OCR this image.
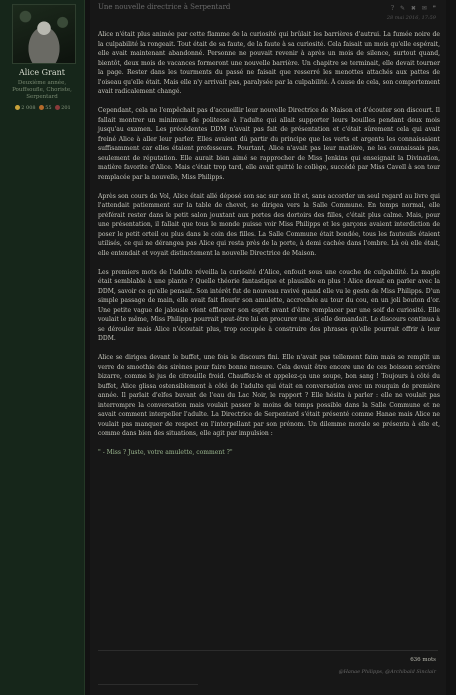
Alice Grant
Deuxième année, Pouffsoufle, Choriste, Serpentard
2 008 55 201
Une nouvelle directrice à Serpentard	? ✎ ✖ ✉ ❞
28 mai 2016, 17:59

Alice n'était plus animée par cette flamme de la curiosité qui brûlait les barrières d'autrui. La fumée noire de la culpabilité la rongeait. Tout était de sa faute, de la faute à sa curiosité. Cela faisait un mois qu'elle espérait, elle avait maintenant abandonné. Personne ne pouvait revenir à après un mois de silence, surtout quand, bientôt, deux mois de vacances formeront une nouvelle barrière. Un chapitre se terminait, elle devait tourner la page. Rester dans les tourments du passé ne faisait que resserré les menottes attachés aux pattes de l'oiseau qu'elle était. Mais elle n'y arrivait pas, paralysée par la culpabilité. À cause de cela, son comportement avait radicalement changé.

Cependant, cela ne l'empêchait pas d'accueillir leur nouvelle Directrice de Maison et d'écouter son discourt. Il fallait montrer un minimum de politesse à l'adulte qui allait supporter leurs bouilles pendant deux mois jusqu'au examen. Les précédentes DDM n'avait pas fait de présentation et c'était sûrement cela qui avait freiné Alice à aller leur parler. Elles avaient dû partir du principe que les verts et argents les connaissaient suffisamment car elles étaient professeurs. Pourtant, Alice n'avait pas leur matière, ne les connaissais pas, seulement de réputation. Elle aurait bien aimé se rapprocher de Miss Jenkins qui enseignait la Divination, matière favorite d'Alice. Mais c'était trop tard, elle avait quitté le collège, succédé par Miss Cavell à son tour remplacée par la nouvelle, Miss Philipps.

Après son cours de Vol, Alice était allé déposé son sac sur son lit et, sans accorder un seul regard au livre qui l'attendait patiemment sur la table de chevet, se dirigea vers la Salle Commune. En temps normal, elle préférait rester dans le petit salon jouxtant aux portes des dortoirs des filles, c'était plus calme. Mais, pour une présentation, il fallait que tous le monde puisse voir Miss Philipps et les garçons avaient interdiction de poser le petit orteil ou plus dans le coin des filles. La Salle Commune était bondée, tous les fauteuils étaient utilisés, ce qui ne dérangea pas Alice qui resta près de la porte, à demi cachée dans l'ombre. Là où elle était, elle entendait et voyait distinctement la nouvelle Directrice de Maison.

Les premiers mots de l'adulte réveilla la curiosité d'Alice, enfouit sous une couche de culpabilité. La magie était semblable à une plante ? Quelle théorie fantastique et plausible en plus ! Alice devait en parler avec la DDM, savoir ce qu'elle pensait. Son intérêt fut de nouveau ravivé quand elle vu le geste de Miss Philipps. D'un simple passage de main, elle avait fait fleurir son amulette, accrochée au tour du cou, en un joli bouton d'or. Une petite vague de jalousie vient effleurer son esprit avant d'être remplacer par une soif de curiosité. Elle voulait le même, Miss Philipps pourrait peut-être lui en procurer une, si elle demandait. Le discours continua à se dérouler mais Alice n'écoutait plus, trop occupée à construire des phrases qu'elle pourrait offrir à leur DDM.

Alice se dirigea devant le buffet, une fois le discours fini. Elle n'avait pas tellement faim mais se remplit un verre de smoothie des sirènes pour faire bonne mesure. Cela devait être encore une de ces boisson sorcière bizarre, comme le jus de citrouille froid. Chauffez-le et appelez-ça une soupe, bon sang ! Toujours à côté du buffet, Alice glissa ostensiblement à côté de l'adulte qui était en conversation avec un rouquin de première année. Il parlait d'elfes buvant de l'eau du Lac Noir, le rapport ? Elle hésita à parler : elle ne voulait pas interrompre la conversation mais voulait passer le moins de temps possible dans la Salle Commune et ne savait comment interpeller l'adulte. La Directrice de Serpentard s'était présenté comme Hanae mais Alice ne voulait pas manquer de respect en l'interpellant par son prénom. Un dilemme morale se présenta à elle et, comme dans bien des situations, elle agit par impulsion :

" - Miss ? Juste, votre amulette, comment ?"

636 mots
@Hanae Philipps, @Archibald Sinclair
